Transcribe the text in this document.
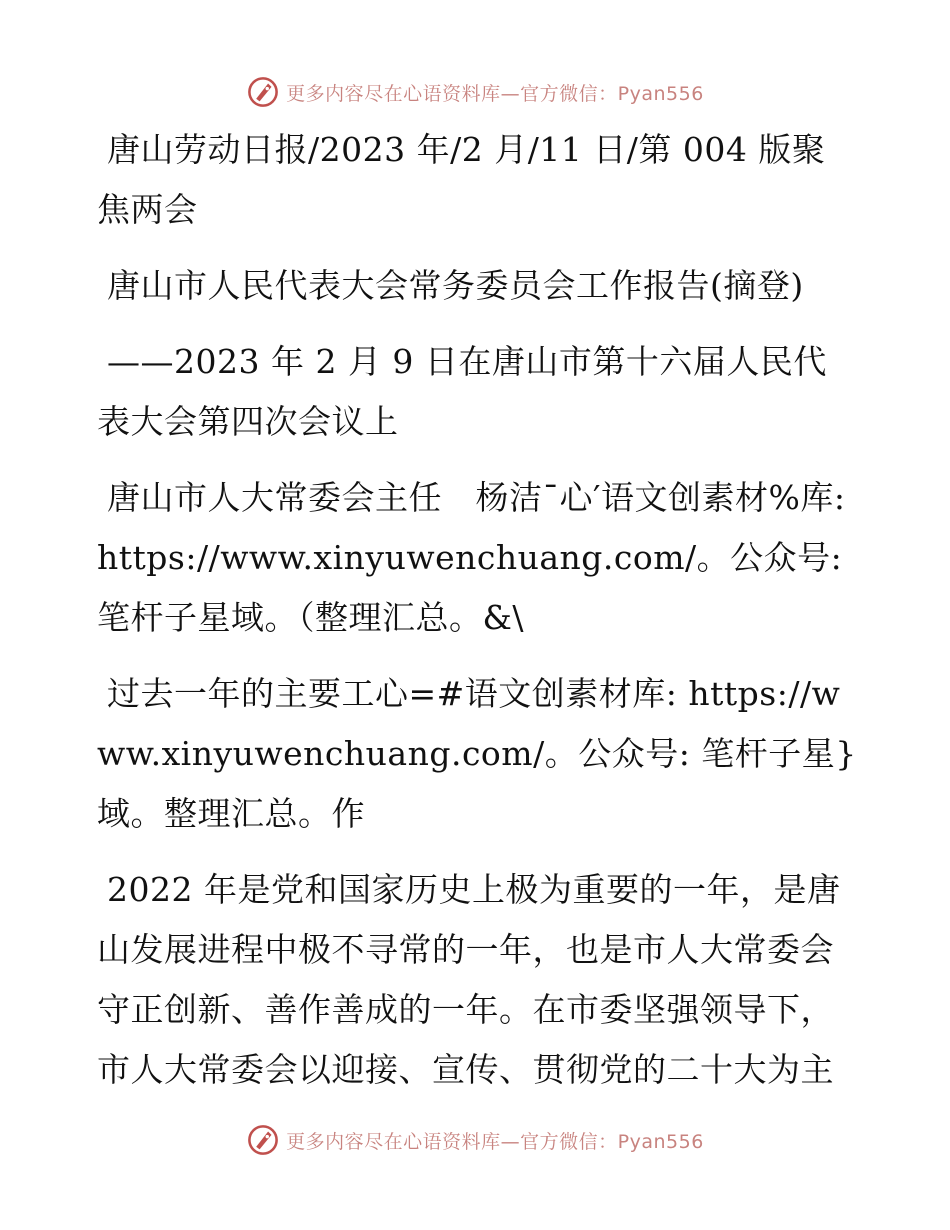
更多内容尽在心语资料库—官方微信：Pyan556

唐山劳动日报/2023 年/2 月/11 日/第 004 版聚焦两会

唐山市人民代表大会常务委员会工作报告(摘登)

——2023 年 2 月 9 日在唐山市第十六届人民代表大会第四次会议上

唐山市人大常委会主任　杨洁¯心′语文创素材%库: https://www.xinyuwenchuang.com/。公众号: 笔杆子星域。（整理汇总。&\

过去一年的主要工心=#语文创素材库: https://www.xinyuwenchuang.com/。公众号: 笔杆子星}域。整理汇总。作

2022 年是党和国家历史上极为重要的一年，是唐山发展进程中极不寻常的一年，也是市人大常委会守正创新、善作善成的一年。在市委坚强领导下，市人大常委会以迎接、宣传、贯彻党的二十大为主

更多内容尽在心语资料库—官方微信：Pyan556
